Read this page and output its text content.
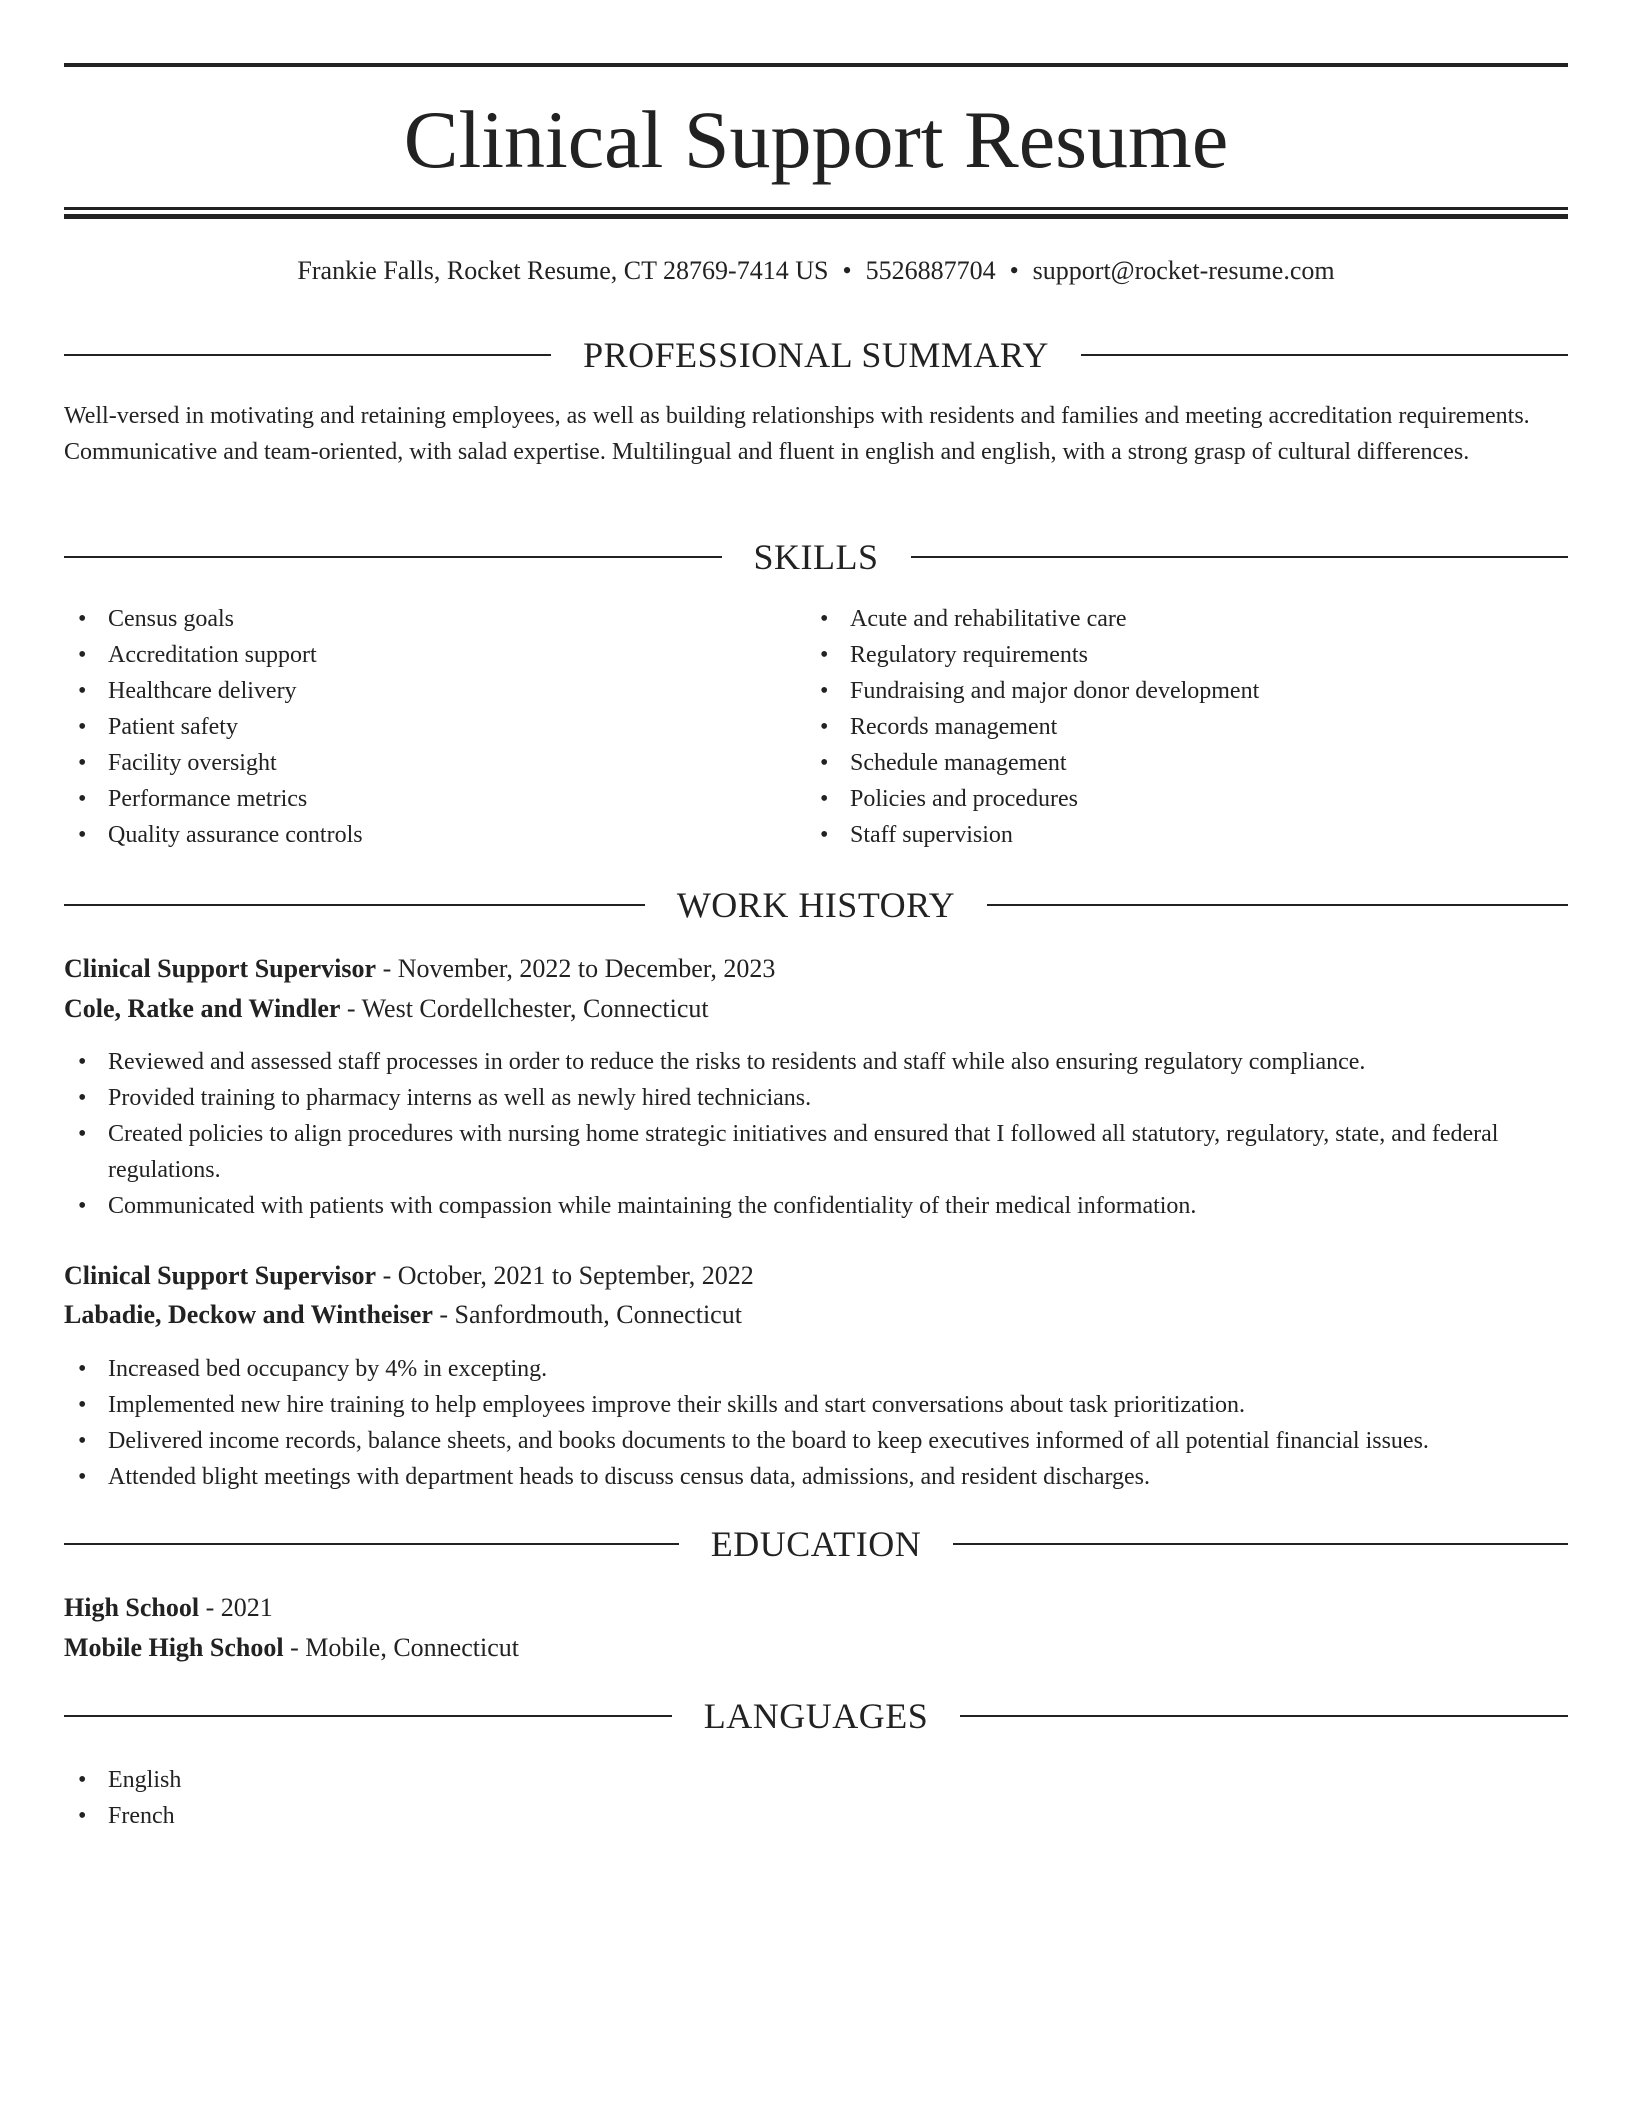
Clinical Support Resume
Frankie Falls, Rocket Resume, CT 28769-7414 US • 5526887704 • support@rocket-resume.com
PROFESSIONAL SUMMARY

Well-versed in motivating and retaining employees, as well as building relationships with residents and families and meeting accreditation requirements. Communicative and team-oriented, with salad expertise. Multilingual and fluent in english and english, with a strong grasp of cultural differences.

SKILLS
• Census goals
• Accreditation support
• Healthcare delivery
• Patient safety
• Facility oversight
• Performance metrics
• Quality assurance controls
• Acute and rehabilitative care
• Regulatory requirements
• Fundraising and major donor development
• Records management
• Schedule management
• Policies and procedures
• Staff supervision
WORK HISTORY
Clinical Support Supervisor - November, 2022 to December, 2023
Cole, Ratke and Windler - West Cordellchester, Connecticut
• Reviewed and assessed staff processes in order to reduce the risks to residents and staff while also ensuring regulatory compliance.
• Provided training to pharmacy interns as well as newly hired technicians.
• Created policies to align procedures with nursing home strategic initiatives and ensured that I followed all statutory, regulatory, state, and federal regulations.
• Communicated with patients with compassion while maintaining the confidentiality of their medical information.
Clinical Support Supervisor - October, 2021 to September, 2022
Labadie, Deckow and Wintheiser - Sanfordmouth, Connecticut
• Increased bed occupancy by 4% in excepting.
• Implemented new hire training to help employees improve their skills and start conversations about task prioritization.
• Delivered income records, balance sheets, and books documents to the board to keep executives informed of all potential financial issues.
• Attended blight meetings with department heads to discuss census data, admissions, and resident discharges.
EDUCATION
High School - 2021
Mobile High School - Mobile, Connecticut
LANGUAGES
• English
• French
